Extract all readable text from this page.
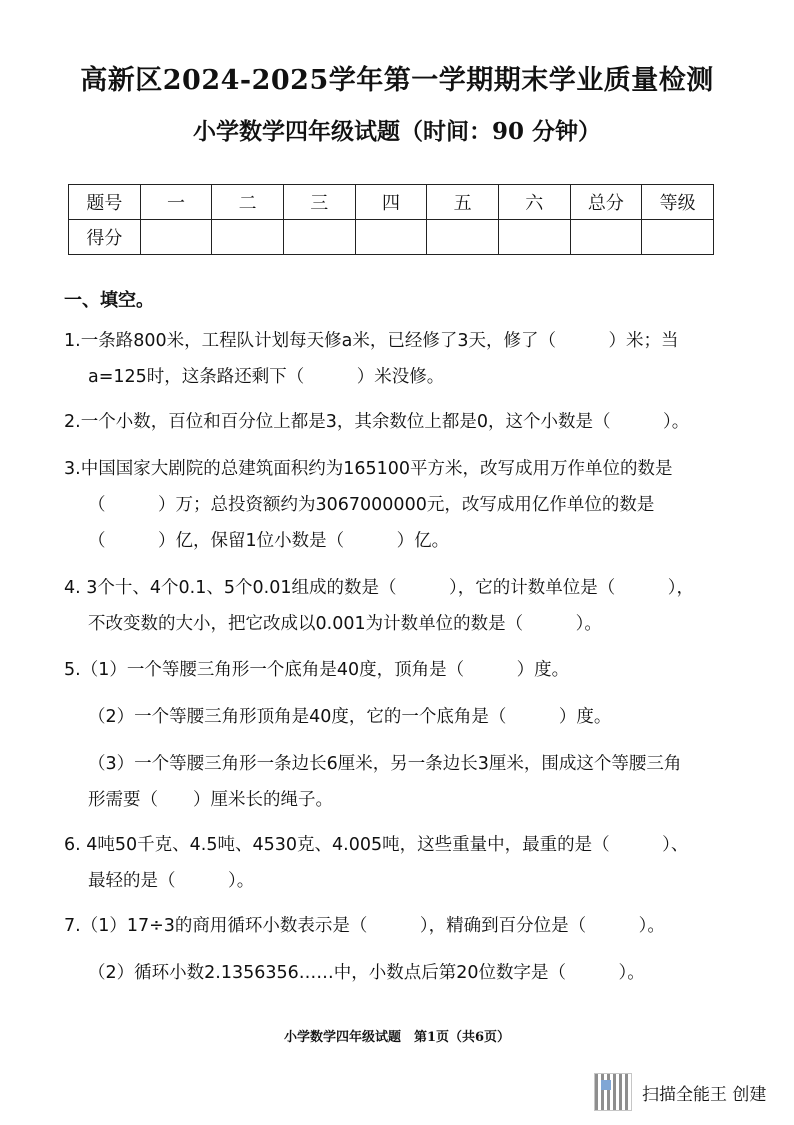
高新区2024-2025学年第一学期期末学业质量检测
小学数学四年级试题（时间：90 分钟）
题号	一	二	三	四	五	六	总分	等级
得分								
一、填空。
1.一条路800米，工程队计划每天修a米，已经修了3天，修了（　　　）米；当
a=125时，这条路还剩下（　　　）米没修。
2.一个小数，百位和百分位上都是3，其余数位上都是0，这个小数是（　　　）。
3.中国国家大剧院的总建筑面积约为165100平方米，改写成用万作单位的数是
（　　　）万；总投资额约为3067000000元，改写成用亿作单位的数是
（　　　）亿，保留1位小数是（　　　）亿。
4. 3个十、4个0.1、5个0.01组成的数是（　　　），它的计数单位是（　　　），
不改变数的大小，把它改成以0.001为计数单位的数是（　　　）。
5.（1）一个等腰三角形一个底角是40度，顶角是（　　　）度。
（2）一个等腰三角形顶角是40度，它的一个底角是（　　　）度。
（3）一个等腰三角形一条边长6厘米，另一条边长3厘米，围成这个等腰三角
形需要（　　）厘米长的绳子。
6. 4吨50千克、4.5吨、4530克、4.005吨，这些重量中，最重的是（　　　）、
最轻的是（　　　）。
7.（1）17÷3的商用循环小数表示是（　　　），精确到百分位是（　　　）。
（2）循环小数2.1356356……中，小数点后第20位数字是（　　　）。
小学数学四年级试题　第1页（共6页）
扫描全能王 创建
